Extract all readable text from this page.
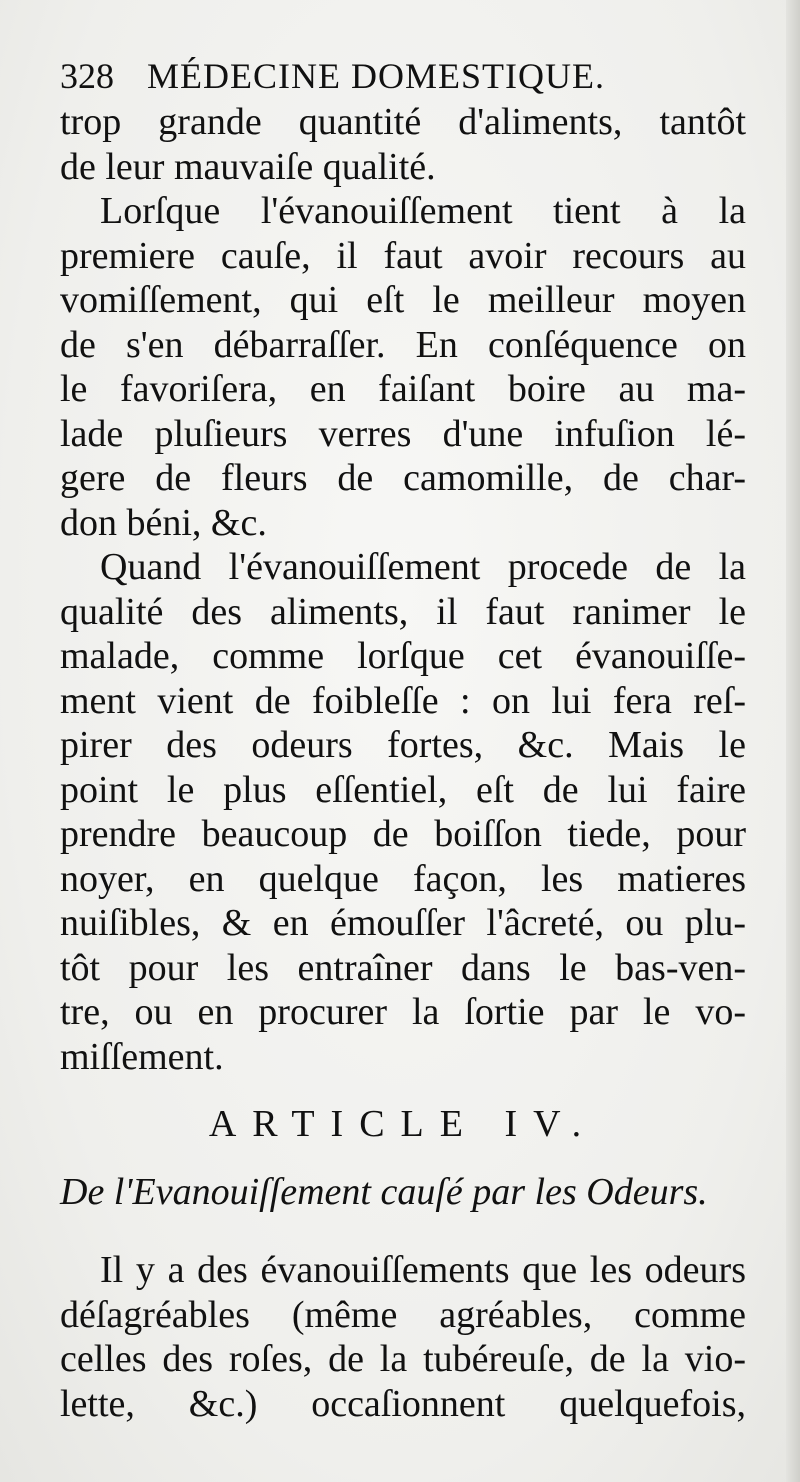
328 MÉDECINE DOMESTIQUE.
trop grande quantité d'aliments, tantôt
de leur mauvaiſe qualité.
Lorſque l'évanouiſſement tient à la
premiere cauſe, il faut avoir recours au
vomiſſement, qui eſt le meilleur moyen
de s'en débarraſſer. En conſéquence on
le favoriſera, en faiſant boire au ma-
lade pluſieurs verres d'une infuſion lé-
gere de fleurs de camomille, de char-
don béni, &c.
Quand l'évanouiſſement procede de la
qualité des aliments, il faut ranimer le
malade, comme lorſque cet évanouiſſe-
ment vient de foibleſſe : on lui fera reſ-
pirer des odeurs fortes, &c. Mais le
point le plus eſſentiel, eſt de lui faire
prendre beaucoup de boiſſon tiede, pour
noyer, en quelque façon, les matieres
nuiſibles, & en émouſſer l'âcreté, ou plu-
tôt pour les entraîner dans le bas-ven-
tre, ou en procurer la ſortie par le vo-
miſſement.
ARTICLE IV.
De l'Evanouiſſement cauſé par les Odeurs.
Il y a des évanouiſſements que les odeurs
déſagréables (même agréables, comme
celles des roſes, de la tubéreuſe, de la vio-
lette, &c.) occaſionnent quelquefois,
